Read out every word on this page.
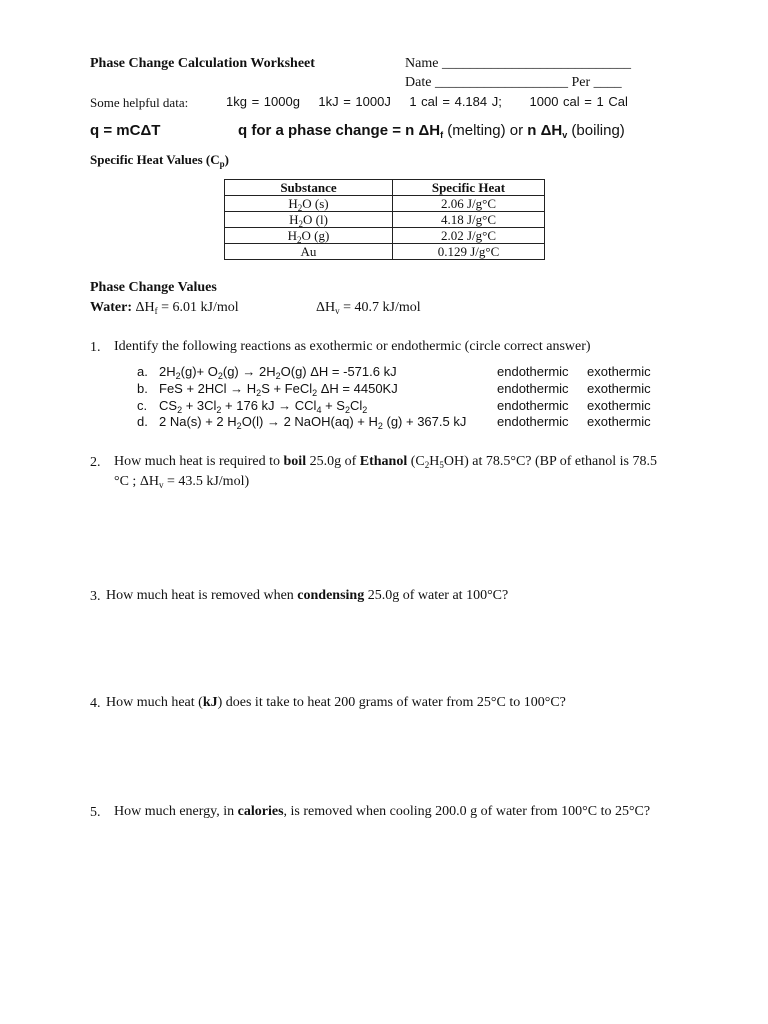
Phase Change Calculation Worksheet	Name ___________________________
Date ___________________ Per ____
Some helpful data:	1kg = 1000g 1kJ = 1000J 1 cal = 4.184 J; 1000 cal = 1 Cal
q = mCΔT	q for a phase change = n $\Delta H_f$ (melting) or n $\Delta H_v$ (boiling)
Specific Heat Values $(C_p)$
Substance	Specific Heat
$H_2O$ (s)	2.06 J/g°C
$H_2O$ (l)	4.18 J/g°C
$H_2O$ (g)	2.02 J/g°C
Au	0.129 J/g°C
Phase Change Values
Water: $\Delta H_f = 6.01$ kJ/mol	$\Delta H_v = 40.7$ kJ/mol
1. Identify the following reactions as exothermic or endothermic (circle correct answer)
a. $2H_2(g)+ O_2(g) \to 2H_2O(g) \Delta H = -571.6$ kJ	endothermic exothermic
b. FeS + $2HCl \to H_2S$ + FeCl$_2$ ΔH = 4450KJ	endothermic exothermic
c. $CS_2 + 3Cl_2 + 176$ kJ → $CCl_4 + S_2Cl_2$	endothermic exothermic
d. 2 Na(s) + 2 $H_2O(l) \to 2$ NaOH(aq) + $H_2$ (g) + 367.5 kJ endothermic exothermic
2. How much heat is required to boil 25.0g of Ethanol $(C_2H_5OH)$ at 78.5°C? (BP of ethanol is 78.5 °C ; $\Delta H_v = 43.5$ kJ/mol)
3. How much heat is removed when condensing 25.0g of water at 100°C?
4. How much heat (kJ) does it take to heat 200 grams of water from 25°C to 100°C?
5. How much energy, in calories, is removed when cooling 200.0 g of water from 100°C to 25°C?
